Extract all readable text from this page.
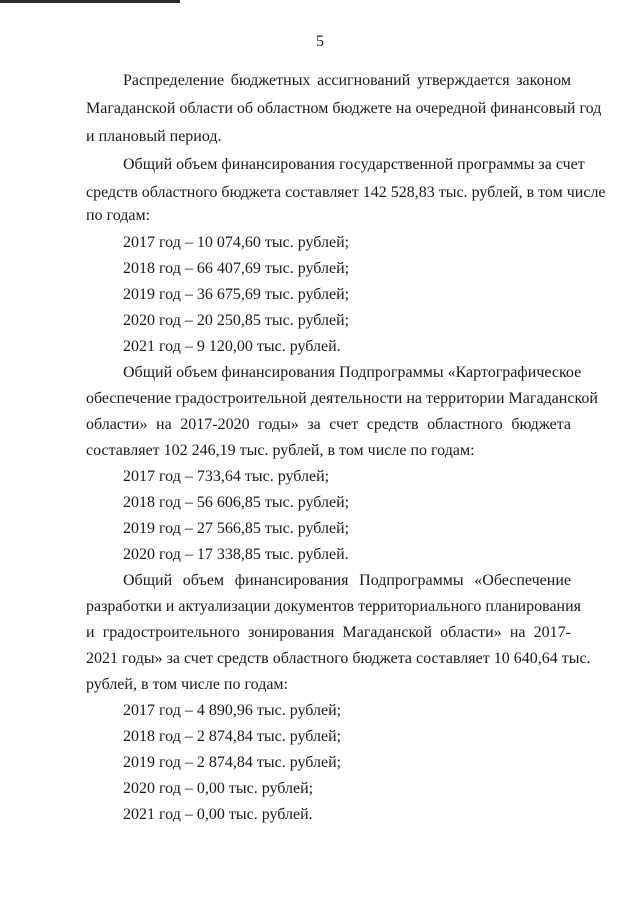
5
Распределение бюджетных ассигнований утверждается законом
Магаданской области об областном бюджете на очередной финансовый год
и плановый период.
Общий объем финансирования государственной программы за счет
средств областного бюджета составляет 142 528,83 тыс. рублей, в том числе
по годам:
2017 год – 10 074,60 тыс. рублей;
2018 год – 66 407,69 тыс. рублей;
2019 год – 36 675,69 тыс. рублей;
2020 год – 20 250,85 тыс. рублей;
2021 год – 9 120,00 тыс. рублей.
Общий объем финансирования Подпрограммы «Картографическое
обеспечение градостроительной деятельности на территории Магаданской
области» на 2017-2020 годы» за счет средств областного бюджета
составляет 102 246,19 тыс. рублей, в том числе по годам:
2017 год – 733,64 тыс. рублей;
2018 год – 56 606,85 тыс. рублей;
2019 год – 27 566,85 тыс. рублей;
2020 год – 17 338,85 тыс. рублей.
Общий объем финансирования Подпрограммы «Обеспечение
разработки и актуализации документов территориального планирования
и градостроительного зонирования Магаданской области» на 2017-
2021 годы» за счет средств областного бюджета составляет 10 640,64 тыс.
рублей, в том числе по годам:
2017 год – 4 890,96 тыс. рублей;
2018 год – 2 874,84 тыс. рублей;
2019 год – 2 874,84 тыс. рублей;
2020 год – 0,00 тыс. рублей;
2021 год – 0,00 тыс. рублей.
